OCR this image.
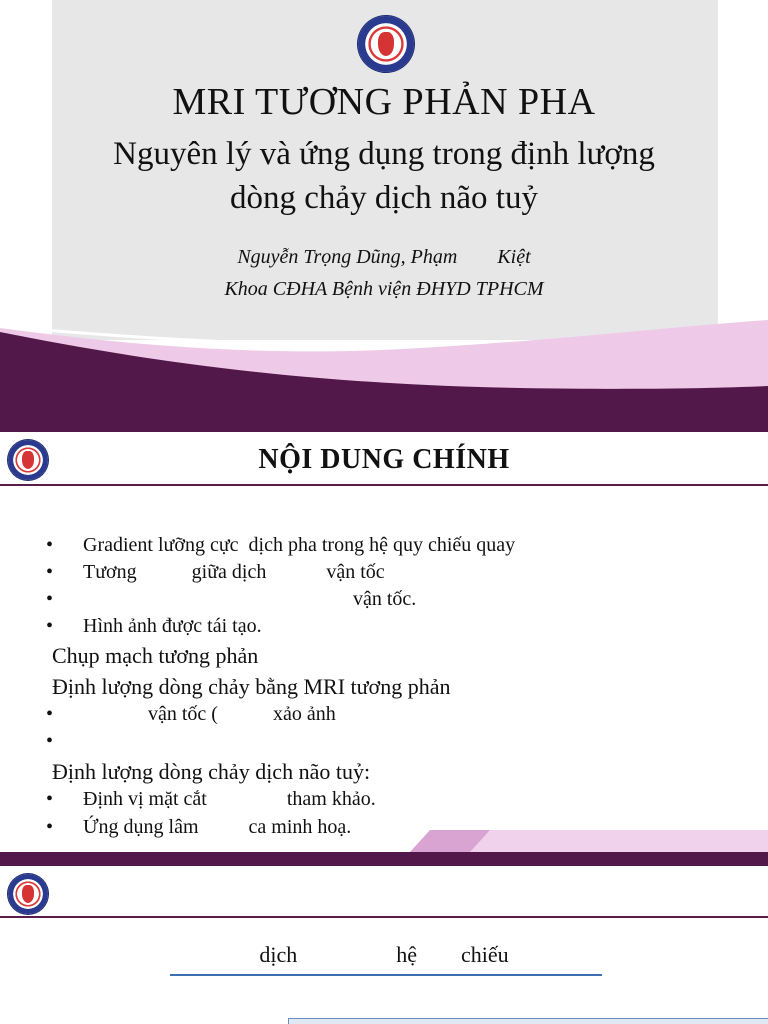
MRI TƯƠNG PHẢN PHA
Nguyên lý và ứng dụng trong định lượng
dòng chảy dịch não tuỷ
Nguyễn Trọng Dũng, Phạm        Kiệt
Khoa CĐHA Bệnh viện ĐHYD TPHCM
NỘI DUNG CHÍNH
• Gradient lưỡng cực  dịch pha trong hệ quy chiếu quay
• Tương           giữa dịch            vận tốc
• vận tốc.
• Hình ảnh được tái tạo.
Chụp mạch tương phản
Định lượng dòng chảy bằng MRI tương phản
• vận tốc (           xảo ảnh
•
Định lượng dòng chảy dịch não tuỷ:
• Định vị mặt cắt                tham khảo.
• Ứng dụng lâm          ca minh hoạ.
dịch                  hệ        chiếu
